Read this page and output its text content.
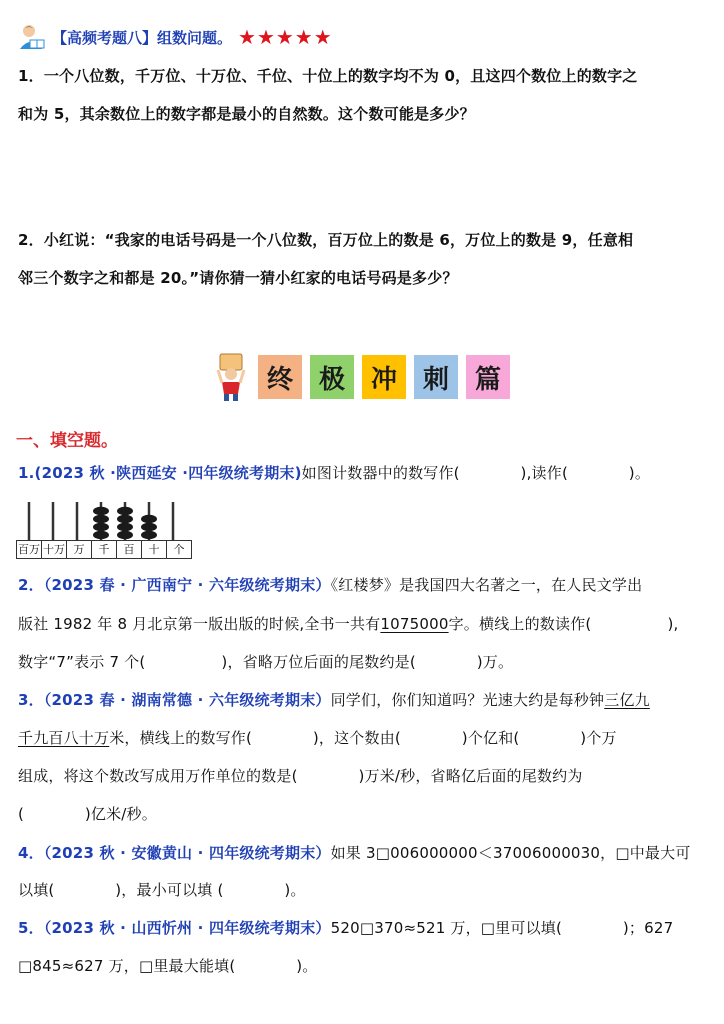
【高频考题八】组数问题。 ★★★★★
1．一个八位数，千万位、十万位、千位、十位上的数字均不为 0，且这四个数位上的数字之
和为 5，其余数位上的数字都是最小的自然数。这个数可能是多少？
2．小红说：“我家的电话号码是一个八位数，百万位上的数是 6，万位上的数是 9，任意相
邻三个数字之和都是 20。”请你猜一猜小红家的电话号码是多少？
终 极 冲 刺 篇
一、填空题。
1.(2023 秋 ·陕西延安 ·四年级统考期末)如图计数器中的数写作(　　　　),读作(　　　　)。
百万 十万 万	千	百	十	个
2．（2023 春 · 广西南宁 · 六年级统考期末）《红楼梦》是我国四大名著之一，在人民文学出
版社 1982 年 8 月北京第一版出版的时候,全书一共有1075000字。横线上的数读作(　　　　　),
数字“7”表示 7 个(　　　　　)，省略万位后面的尾数约是(　　　　)万。
3．（2023 春 · 湖南常德 · 六年级统考期末）同学们，你们知道吗？光速大约是每秒钟三亿九
千九百八十万米，横线上的数写作(　　　　)，这个数由(　　　　)个亿和(　　　　)个万
组成，将这个数改写成用万作单位的数是(　　　　)万米/秒，省略亿后面的尾数约为
(　　　　)亿米/秒。
4．（2023 秋 · 安徽黄山 · 四年级统考期末）如果 3□006000000＜37006000030，□中最大可
以填(　　　　)，最小可以填 (　　　　)。
5．（2023 秋 · 山西忻州 · 四年级统考期末）520□370≈521 万，□里可以填(　　　　)；627
□845≈627 万，□里最大能填(　　　　)。
